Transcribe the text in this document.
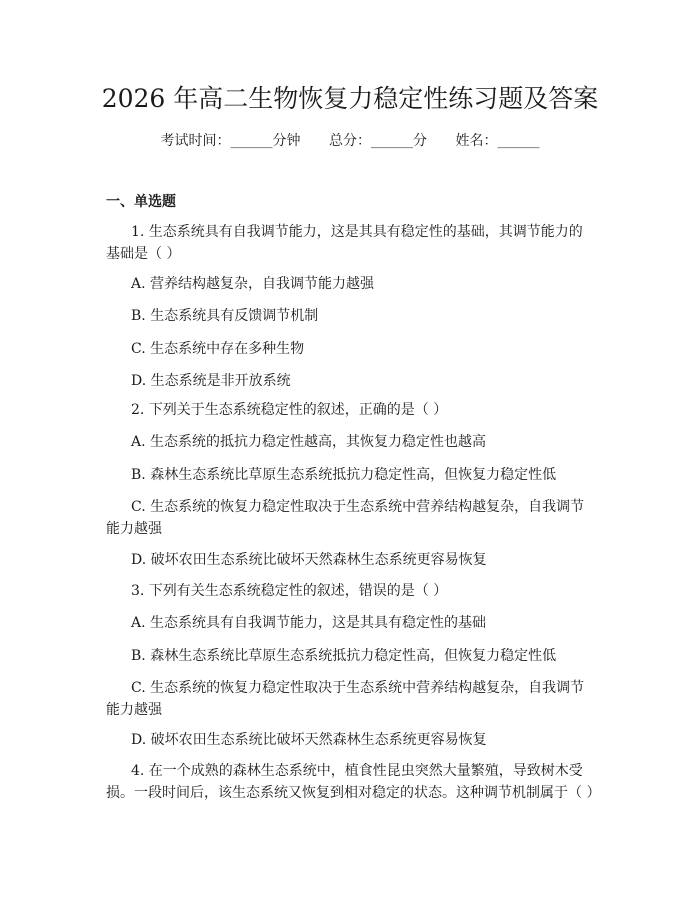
2026 年高二生物恢复力稳定性练习题及答案
考试时间：______分钟 总分：______分 姓名：______
一、单选题

1. 生态系统具有自我调节能力，这是其具有稳定性的基础，其调节能力的基础是（ ）

A. 营养结构越复杂，自我调节能力越强

B. 生态系统具有反馈调节机制

C. 生态系统中存在多种生物

D. 生态系统是非开放系统

2. 下列关于生态系统稳定性的叙述，正确的是（ ）

A. 生态系统的抵抗力稳定性越高，其恢复力稳定性也越高

B. 森林生态系统比草原生态系统抵抗力稳定性高，但恢复力稳定性低

C. 生态系统的恢复力稳定性取决于生态系统中营养结构越复杂，自我调节能力越强

D. 破坏农田生态系统比破坏天然森林生态系统更容易恢复

3. 下列有关生态系统稳定性的叙述，错误的是（ ）

A. 生态系统具有自我调节能力，这是其具有稳定性的基础

B. 森林生态系统比草原生态系统抵抗力稳定性高，但恢复力稳定性低

C. 生态系统的恢复力稳定性取决于生态系统中营养结构越复杂，自我调节能力越强

D. 破坏农田生态系统比破坏天然森林生态系统更容易恢复

4. 在一个成熟的森林生态系统中，植食性昆虫突然大量繁殖，导致树木受损。一段时间后，该生态系统又恢复到相对稳定的状态。这种调节机制属于（ ）
